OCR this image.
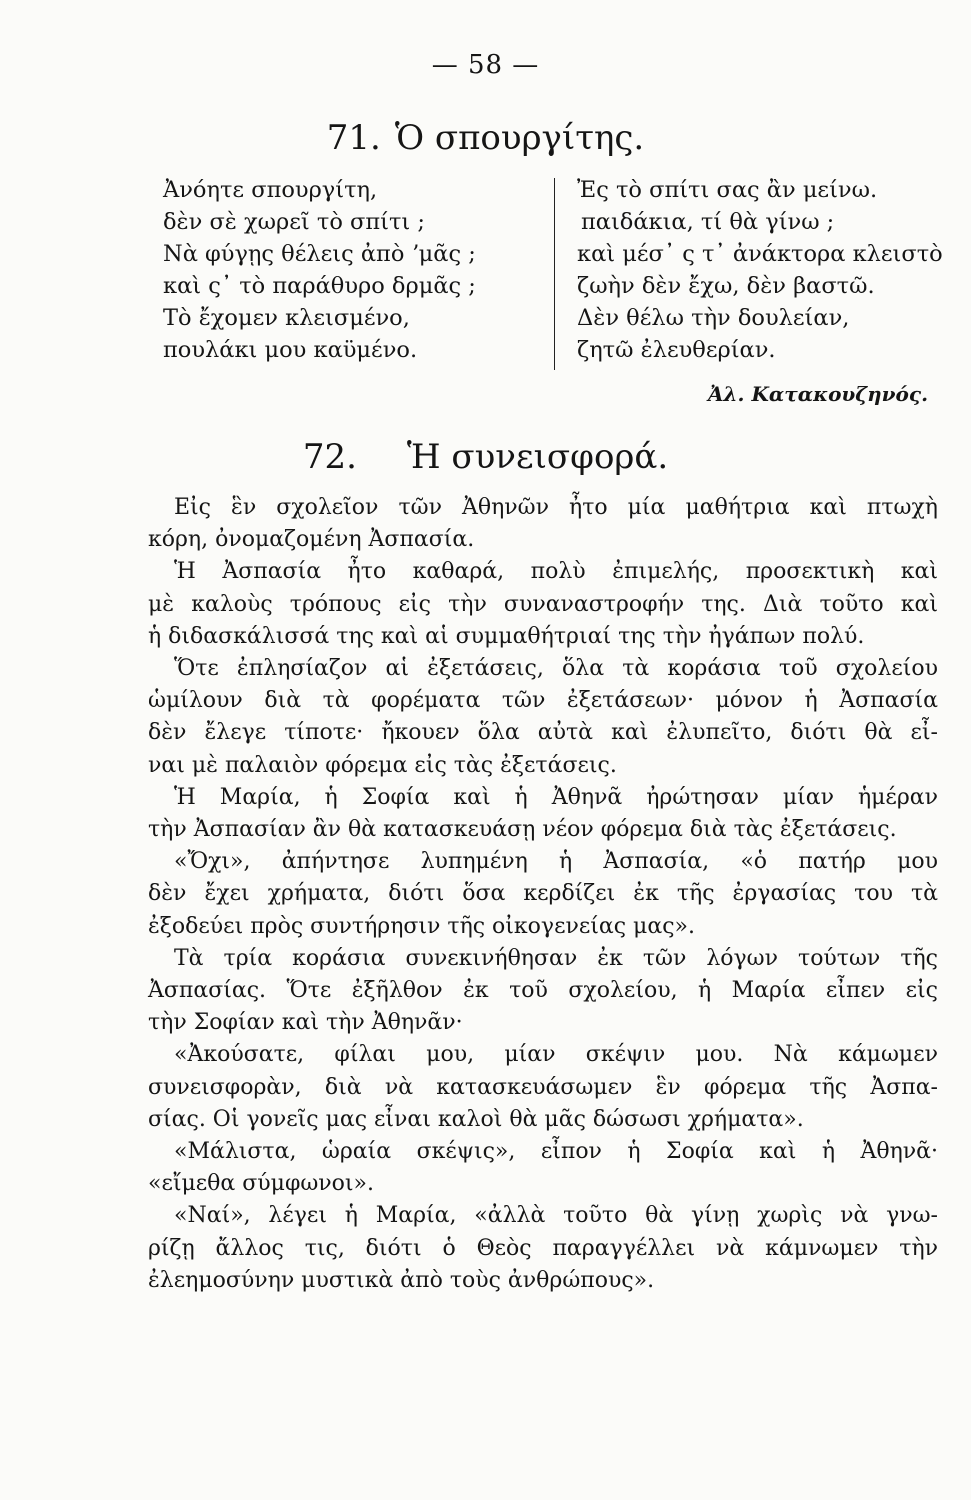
— 58 —
71. Ὁ σπουργίτης.
Ἀνόητε σπουργίτη,
δὲν σὲ χωρεῖ τὸ σπίτι ;
Νὰ φύγῃς θέλεις ἀπὸ ʼμᾶς ;
καὶ ς᾿ τὸ παράθυρο δρμᾶς ;
Τὸ ἔχομεν κλεισμένο,
πουλάκι μου καϋμένο.
Ἐς τὸ σπίτι σας ἂν μείνω.
παιδάκια, τί θὰ γίνω ;
καὶ μέσ᾿ ς τ᾿ ἀνάκτορα κλειστὸ
ζωὴν δὲν ἔχω, δὲν βαστῶ.
Δὲν θέλω τὴν δουλείαν,
ζητῶ ἐλευθερίαν.
Ἀλ. Κατακουζηνός.
72. Ἡ συνεισφορά.
Εἰς ἓν σχολεῖον τῶν Ἀθηνῶν ἦτο μία μαθήτρια καὶ πτωχὴ
κόρη, ὀνομαζομένη Ἀσπασία.
Ἡ Ἀσπασία ἦτο καθαρά, πολὺ ἐπιμελής, προσεκτικὴ καὶ
μὲ καλοὺς τρόπους εἰς τὴν συναναστροφήν της. Διὰ τοῦτο καὶ
ἡ διδασκάλισσά της καὶ αἱ συμμαθήτριαί της τὴν ἠγάπων πολύ.
Ὅτε ἐπλησίαζον αἱ ἐξετάσεις, ὅλα τὰ κοράσια τοῦ σχολείου
ὡμίλουν διὰ τὰ φορέματα τῶν ἐξετάσεων· μόνον ἡ Ἀσπασία
δὲν ἔλεγε τίποτε· ἤκουεν ὅλα αὐτὰ καὶ ἐλυπεῖτο, διότι θὰ εἶ-
ναι μὲ παλαιὸν φόρεμα εἰς τὰς ἐξετάσεις.
Ἡ Μαρία, ἡ Σοφία καὶ ἡ Ἀθηνᾶ ἠρώτησαν μίαν ἡμέραν
τὴν Ἀσπασίαν ἂν θὰ κατασκευάσῃ νέον φόρεμα διὰ τὰς ἐξετάσεις.
«Ὄχι», ἀπήντησε λυπημένη ἡ Ἀσπασία, «ὁ πατήρ μου
δὲν ἔχει χρήματα, διότι ὅσα κερδίζει ἐκ τῆς ἐργασίας του τὰ
ἐξοδεύει πρὸς συντήρησιν τῆς οἰκογενείας μας».
Τὰ τρία κοράσια συνεκινήθησαν ἐκ τῶν λόγων τούτων τῆς
Ἀσπασίας. Ὅτε ἐξῆλθον ἐκ τοῦ σχολείου, ἡ Μαρία εἶπεν εἰς
τὴν Σοφίαν καὶ τὴν Ἀθηνᾶν·
«Ἀκούσατε, φίλαι μου, μίαν σκέψιν μου. Νὰ κάμωμεν
συνεισφορὰν, διὰ νὰ κατασκευάσωμεν ἓν φόρεμα τῆς Ἀσπα-
σίας. Οἱ γονεῖς μας εἶναι καλοὶ θὰ μᾶς δώσωσι χρήματα».
«Μάλιστα, ὡραία σκέψις», εἶπον ἡ Σοφία καὶ ἡ Ἀθηνᾶ·
«εἴμεθα σύμφωνοι».
«Ναί», λέγει ἡ Μαρία, «ἀλλὰ τοῦτο θὰ γίνῃ χωρὶς νὰ γνω-
ρίζῃ ἄλλος τις, διότι ὁ Θεὸς παραγγέλλει νὰ κάμνωμεν τὴν
ἐλεημοσύνην μυστικὰ ἀπὸ τοὺς ἀνθρώπους».
